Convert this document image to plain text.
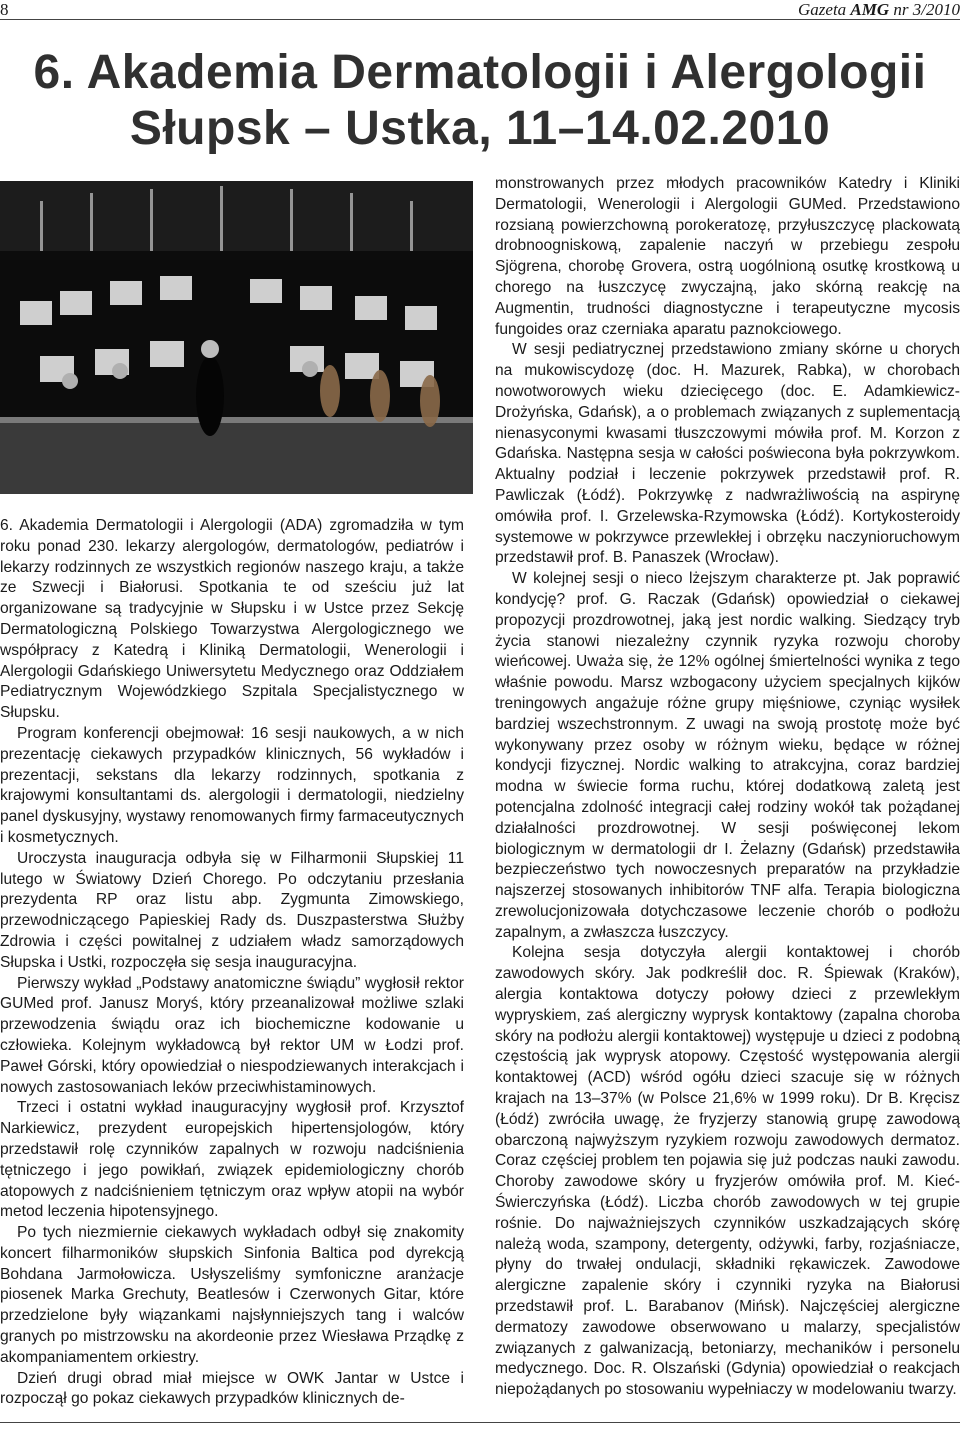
8	Gazeta AMG nr 3/2010
6. Akademia Dermatologii i Alergologii
Słupsk – Ustka, 11–14.02.2010

6. Akademia Dermatologii i Alergologii (ADA) zgromadziła w tym roku ponad 230. lekarzy alergologów, dermatologów, pediatrów i lekarzy rodzinnych ze wszystkich regionów naszego kraju, a także ze Szwecji i Białorusi. Spotkania te od sześciu już lat organizowane są tradycyjnie w Słupsku i w Ustce przez Sekcję Dermatologiczną Polskiego Towarzystwa Alergologicznego we współpracy z Katedrą i Kliniką Dermatologii, Wenerologii i Alergologii Gdańskiego Uniwersytetu Medycznego oraz Oddziałem Pediatrycznym Wojewódzkiego Szpitala Specjalistycznego w Słupsku.

Program konferencji obejmował: 16 sesji naukowych, a w nich prezentację ciekawych przypadków klinicznych, 56 wykładów i prezentacji, sekstans dla lekarzy rodzinnych, spotkania z krajowymi konsultantami ds. alergologii i dermatologii, niedzielny panel dyskusyjny, wystawy renomowanych firmy farmaceutycznych i kosmetycznych.

Uroczysta inauguracja odbyła się w Filharmonii Słupskiej 11 lutego w Światowy Dzień Chorego. Po odczytaniu przesłania prezydenta RP oraz listu abp. Zygmunta Zimowskiego, przewodniczącego Papieskiej Rady ds. Duszpasterstwa Służby Zdrowia i części powitalnej z udziałem władz samorządowych Słupska i Ustki, rozpoczęła się sesja inauguracyjna.

Pierwszy wykład „Podstawy anatomiczne świądu” wygłosił rektor GUMed prof. Janusz Moryś, który przeanalizował możliwe szlaki przewodzenia świądu oraz ich biochemiczne kodowanie u człowieka. Kolejnym wykładowcą był rektor UM w Łodzi prof. Paweł Górski, który opowiedział o niespodziewanych interakcjach i nowych zastosowaniach leków przeciwhistaminowych.

Trzeci i ostatni wykład inauguracyjny wygłosił prof. Krzysztof Narkiewicz, prezydent europejskich hipertensjologów, który przedstawił rolę czynników zapalnych w rozwoju nadciśnienia tętniczego i jego powikłań, związek epidemiologiczny chorób atopowych z nadciśnieniem tętniczym oraz wpływ atopii na wybór metod leczenia hipotensyjnego.

Po tych niezmiernie ciekawych wykładach odbył się znakomity koncert filharmoników słupskich Sinfonia Baltica pod dyrekcją Bohdana Jarmołowicza. Usłyszeliśmy symfoniczne aranżacje piosenek Marka Grechuty, Beatlesów i Czerwonych Gitar, które przedzielone były wiązankami najsłynniejszych tang i walców granych po mistrzowsku na akordeonie przez Wiesława Prządkę z akompaniamentem orkiestry.

Dzień drugi obrad miał miejsce w OWK Jantar w Ustce i rozpoczął go pokaz ciekawych przypadków klinicznych de-

monstrowanych przez młodych pracowników Katedry i Kliniki Dermatologii, Wenerologii i Alergologii GUMed. Przedstawiono rozsianą powierzchowną porokeratozę, przyłuszczycę plackowatą drobnoogniskową, zapalenie naczyń w przebiegu zespołu Sjögrena, chorobę Grovera, ostrą uogólnioną osutkę krostkową u chorego na łuszczycę zwyczajną, jako skórną reakcję na Augmentin, trudności diagnostyczne i terapeutyczne mycosis fungoides oraz czerniaka aparatu paznokciowego.

W sesji pediatrycznej przedstawiono zmiany skórne u chorych na mukowiscydozę (doc. H. Mazurek, Rabka), w chorobach nowotworowych wieku dziecięcego (doc. E. Adamkiewicz-Drożyńska, Gdańsk), a o problemach związanych z suplementacją nienasyconymi kwasami tłuszczowymi mówiła prof. M. Korzon z Gdańska. Następna sesja w całości poświecona była pokrzywkom. Aktualny podział i leczenie pokrzywek przedstawił prof. R. Pawliczak (Łódź). Pokrzywkę z nadwrażliwością na aspirynę omówiła prof. I. Grzelewska-Rzymowska (Łódź). Kortykosteroidy systemowe w pokrzywce przewlekłej i obrzęku naczynioruchowym przedstawił prof. B. Panaszek (Wrocław).

W kolejnej sesji o nieco lżejszym charakterze pt. Jak poprawić kondycję? prof. G. Raczak (Gdańsk) opowiedział o ciekawej propozycji prozdrowotnej, jaką jest nordic walking. Siedzący tryb życia stanowi niezależny czynnik ryzyka rozwoju choroby wieńcowej. Uważa się, że 12% ogólnej śmiertelności wynika z tego właśnie powodu. Marsz wzbogacony użyciem specjalnych kijków treningowych angażuje różne grupy mięśniowe, czyniąc wysiłek bardziej wszechstronnym. Z uwagi na swoją prostotę może być wykonywany przez osoby w różnym wieku, będące w różnej kondycji fizycznej. Nordic walking to atrakcyjna, coraz bardziej modna w świecie forma ruchu, której dodatkową zaletą jest potencjalna zdolność integracji całej rodziny wokół tak pożądanej działalności prozdrowotnej. W sesji poświęconej lekom biologicznym w dermatologii dr I. Żelazny (Gdańsk) przedstawiła bezpieczeństwo tych nowoczesnych preparatów na przykładzie najszerzej stosowanych inhibitorów TNF alfa. Terapia biologiczna zrewolucjonizowała dotychczasowe leczenie chorób o podłożu zapalnym, a zwłaszcza łuszczycy.

Kolejna sesja dotyczyła alergii kontaktowej i chorób zawodowych skóry. Jak podkreślił doc. R. Śpiewak (Kraków), alergia kontaktowa dotyczy połowy dzieci z przewlekłym wypryskiem, zaś alergiczny wyprysk kontaktowy (zapalna choroba skóry na podłożu alergii kontaktowej) występuje u dzieci z podobną częstością jak wyprysk atopowy. Częstość występowania alergii kontaktowej (ACD) wśród ogółu dzieci szacuje się w różnych krajach na 13–37% (w Polsce 21,6% w 1999 roku). Dr B. Kręcisz (Łódź) zwróciła uwagę, że fryzjerzy stanowią grupę zawodową obarczoną najwyższym ryzykiem rozwoju zawodowych dermatoz. Coraz częściej problem ten pojawia się już podczas nauki zawodu. Choroby zawodowe skóry u fryzjerów omówiła prof. M. Kieć-Świerczyńska (Łódź). Liczba chorób zawodowych w tej grupie rośnie. Do najważniejszych czynników uszkadzających skórę należą woda, szampony, detergenty, odżywki, farby, rozjaśniacze, płyny do trwałej ondulacji, składniki rękawiczek. Zawodowe alergiczne zapalenie skóry i czynniki ryzyka na Białorusi przedstawił prof. L. Barabanov (Mińsk). Najczęściej alergiczne dermatozy zawodowe obserwowano u malarzy, specjalistów związanych z galwanizacją, betoniarzy, mechaników i personelu medycznego. Doc. R. Olszański (Gdynia) opowiedział o reakcjach niepożądanych po stosowaniu wypełniaczy w modelowaniu twarzy.
